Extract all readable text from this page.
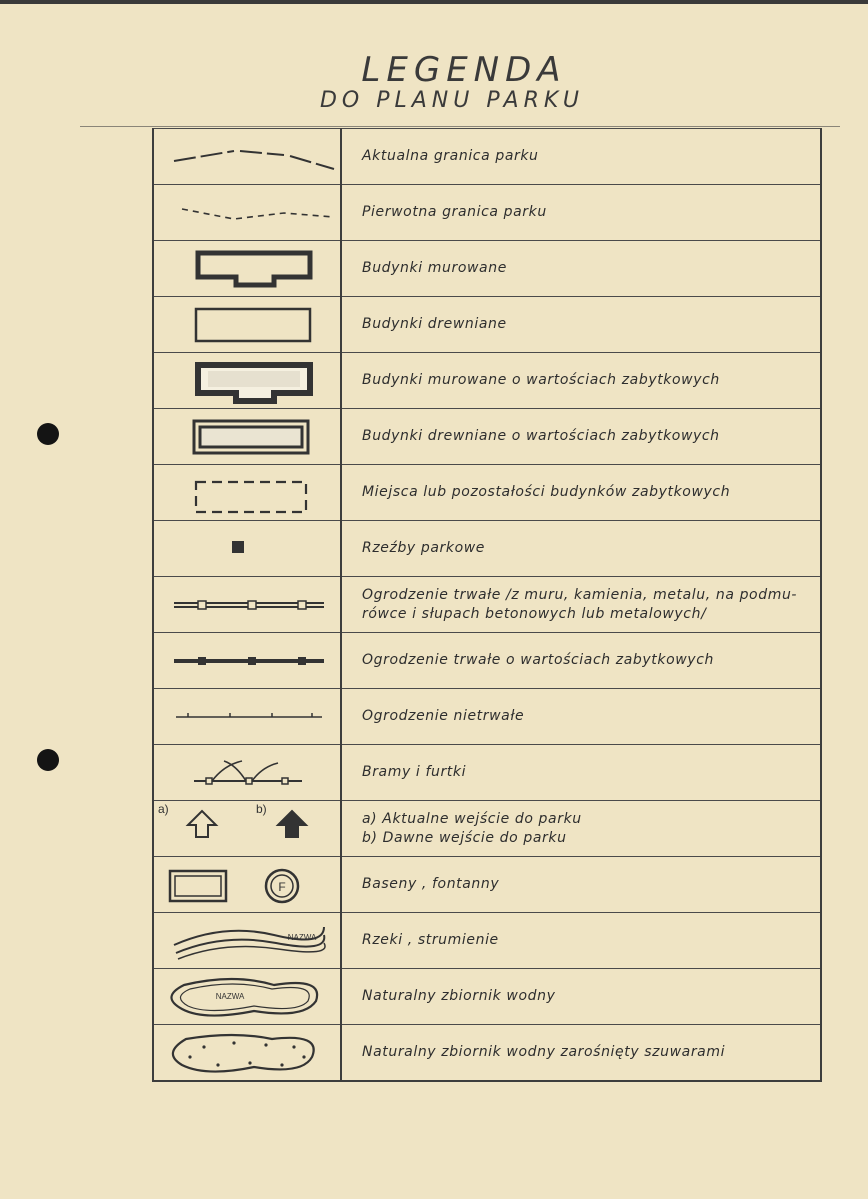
LEGENDA
DO PLANU PARKU

Aktualna granica parku

Pierwotna granica parku

Budynki murowane

Budynki drewniane

Budynki murowane o wartościach zabytkowych

Budynki drewniane o wartościach zabytkowych

Miejsca lub pozostałości budynków zabytkowych

Rzeźby parkowe

Ogrodzenie trwałe /z muru, kamienia, metalu, na podmu-
rówce i słupach betonowych lub metalowych/

Ogrodzenie trwałe o wartościach zabytkowych

Ogrodzenie nietrwałe

Bramy i furtki

a) b)	a) Aktualne wejście do parku
b) Dawne wejście do parku

F	Baseny , fontanny

NAZWA	Rzeki , strumienie

NAZWA	Naturalny zbiornik wodny

Naturalny zbiornik wodny zarośnięty szuwarami
